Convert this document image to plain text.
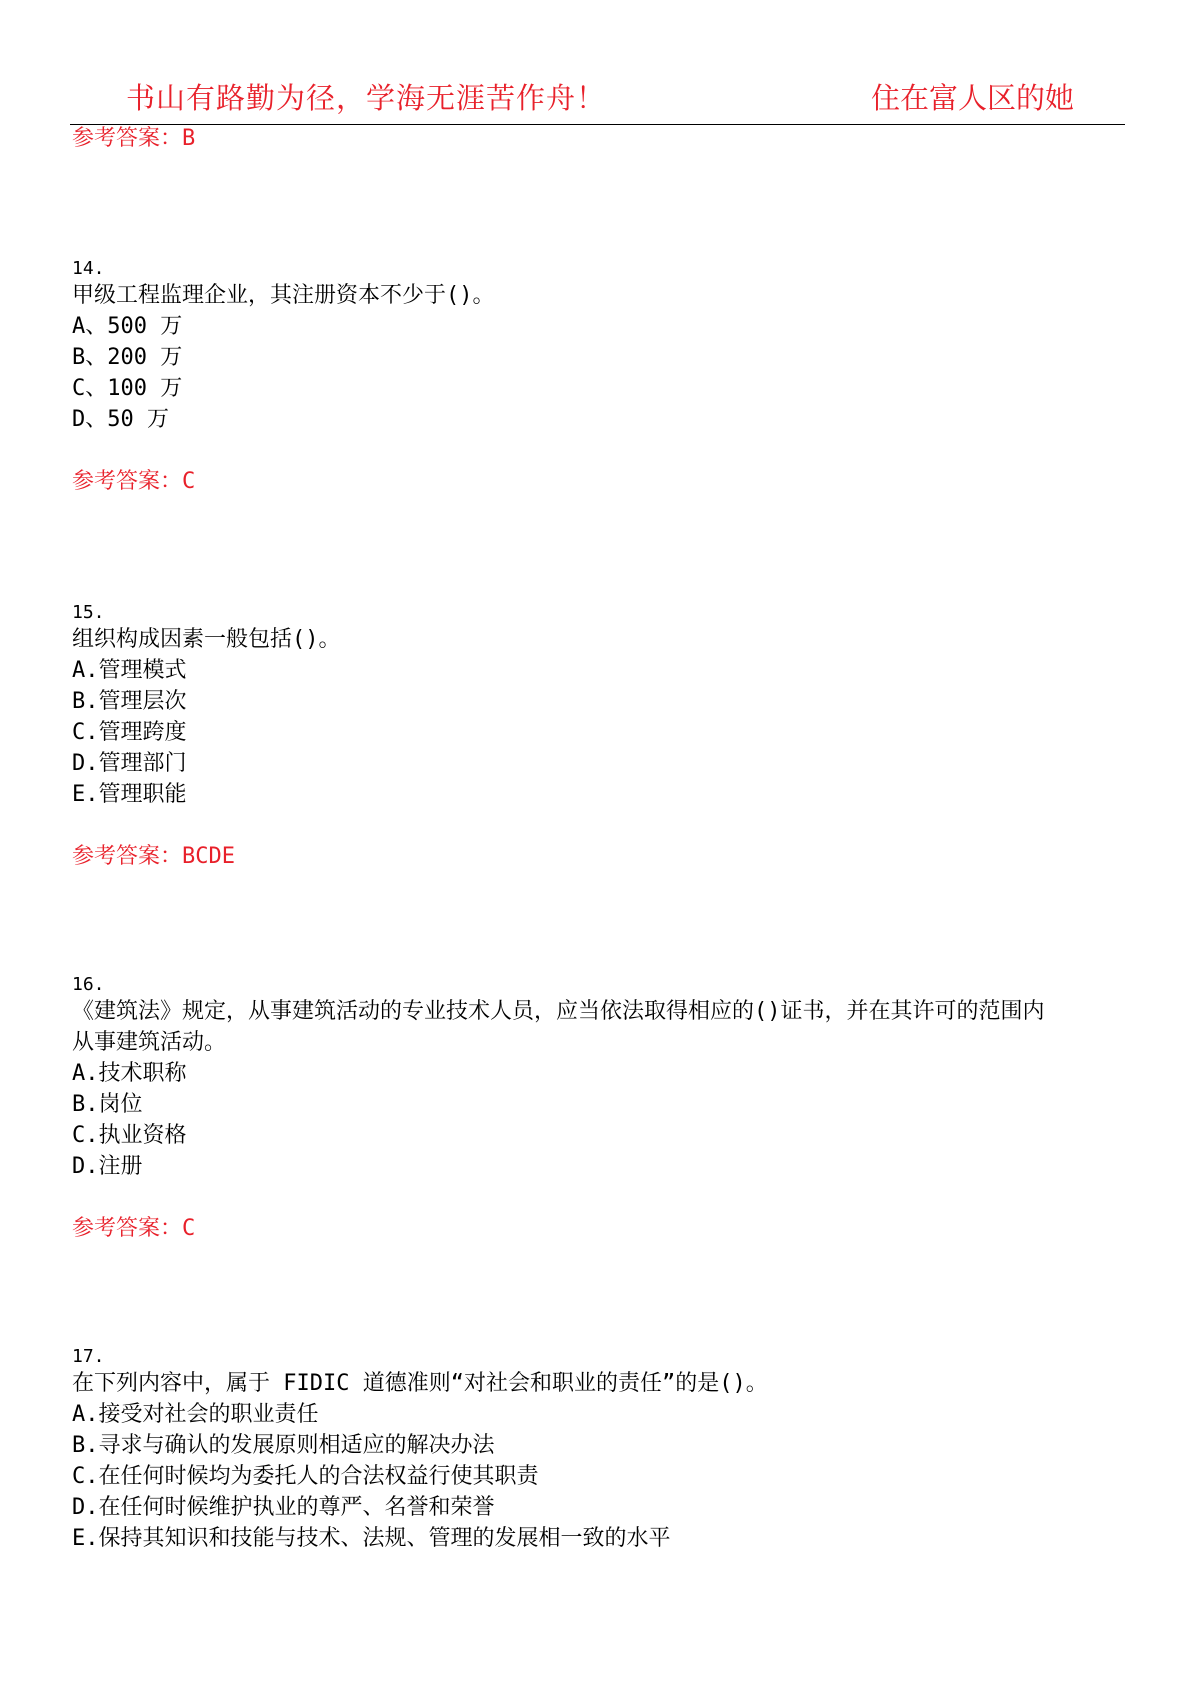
书山有路勤为径，学海无涯苦作舟！	住在富人区的她
参考答案：B
14.
甲级工程监理企业，其注册资本不少于()。
A、500 万
B、200 万
C、100 万
D、50 万
参考答案：C
15.
组织构成因素一般包括()。
A.管理模式
B.管理层次
C.管理跨度
D.管理部门
E.管理职能
参考答案：BCDE
16.
《建筑法》规定，从事建筑活动的专业技术人员，应当依法取得相应的()证书，并在其许可的范围内
从事建筑活动。
A.技术职称
B.岗位
C.执业资格
D.注册
参考答案：C
17.
在下列内容中，属于 FIDIC 道德准则“对社会和职业的责任”的是()。
A.接受对社会的职业责任
B.寻求与确认的发展原则相适应的解决办法
C.在任何时候均为委托人的合法权益行使其职责
D.在任何时候维护执业的尊严、名誉和荣誉
E.保持其知识和技能与技术、法规、管理的发展相一致的水平
